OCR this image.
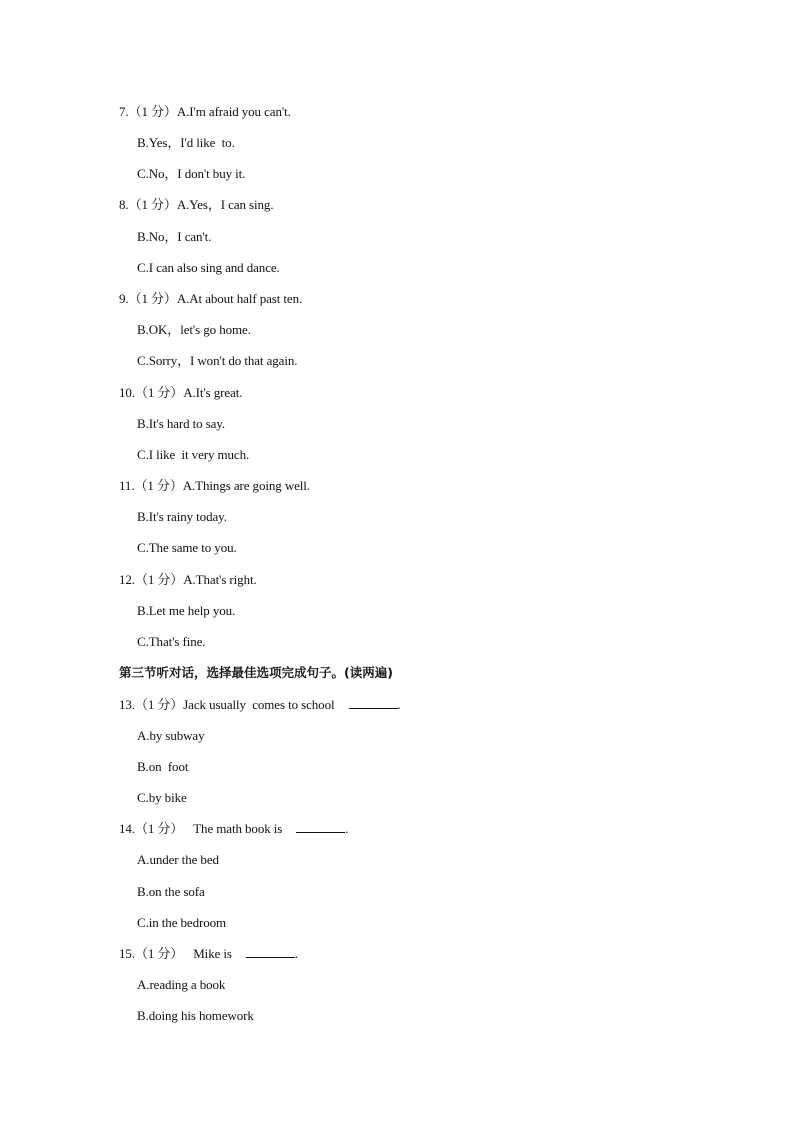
7.（1 分）A.I'm afraid you can't.
B.Yes，I'd like  to.
C.No，I don't buy it.
8.（1 分）A.Yes，I can sing.
B.No，I can't.
C.I can also sing and dance.
9.（1 分）A.At about half past ten.
B.OK，let's go home.
C.Sorry，I won't do that again.
10.（1 分）A.It's great.
B.It's hard to say.
C.I like  it very much.
11.（1 分）A.Things are going well.
B.It's rainy today.
C.The same to you.
12.（1 分）A.That's right.
B.Let me help you.
C.That's fine.
第三节听对话，选择最佳选项完成句子。(读两遍)
13.（1 分）Jack usually  comes to school	.
A.by subway
B.on  foot
C.by bike
14.（1 分） The math book is	.
A.under the bed
B.on the sofa
C.in the bedroom
15.（1 分） Mike is	.
A.reading a book
B.doing his homework
